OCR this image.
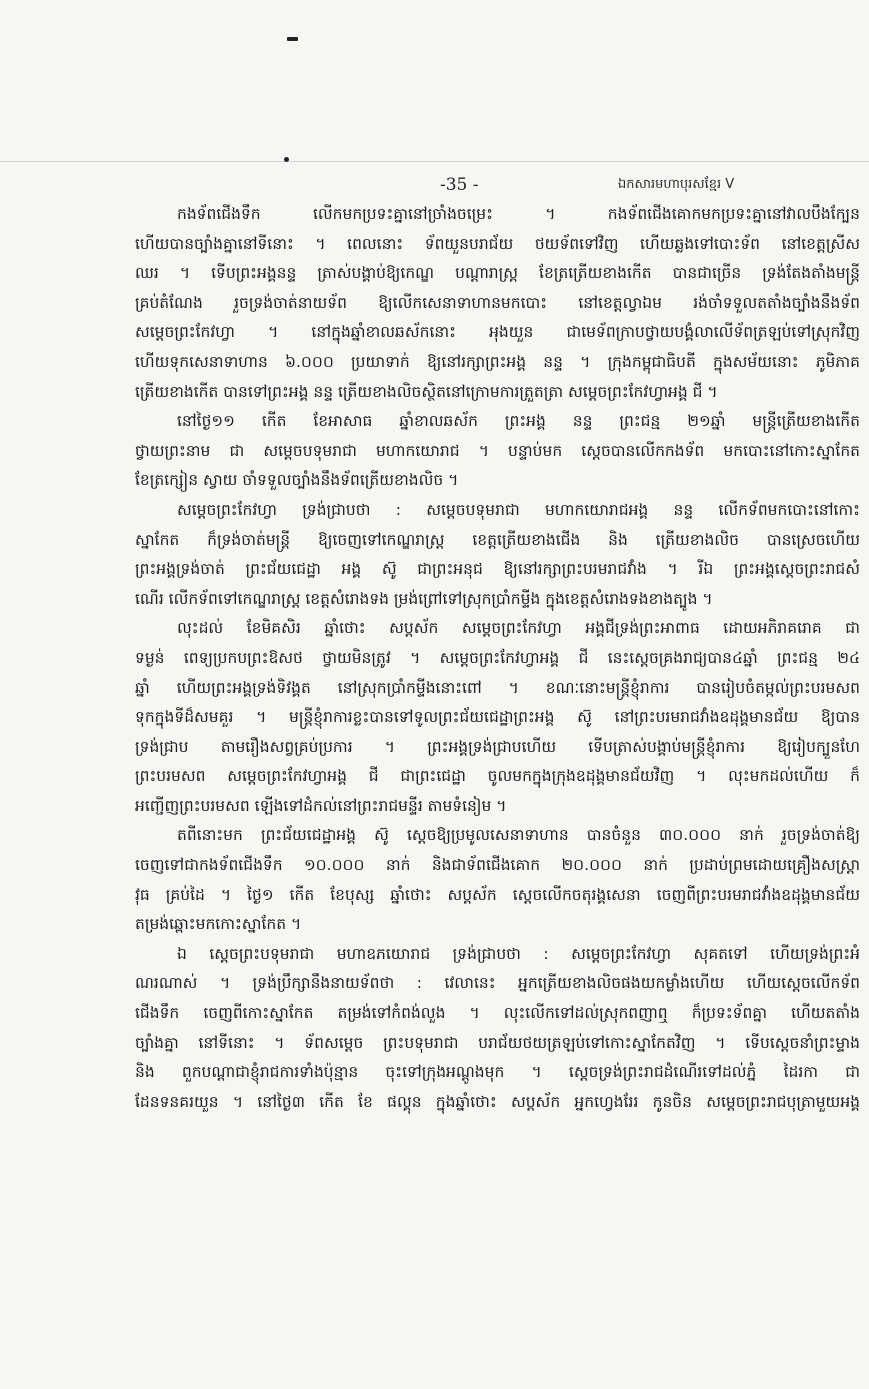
-35 -	ឯកសារមហាបុរសខ្មែរ V
កងទ័ពជើងទឹក លើកមកប្រទះគ្នានៅច្រាំងចម្រេះ ។ កងទ័ពជើងគោកមកប្រទះគ្នានៅវាលបឹងក្បែន
ហើយបានច្បាំងគ្នានៅទីនោះ ។ ពេលនោះ ទ័ពយួនបរាជ័យ ថយទ័ពទៅវិញ ហើយឆ្លងទៅបោះទ័ព នៅខេត្តស្រីស
ឈរ ។ ទើបព្រះអង្គនន្ទ ត្រាស់បង្គាប់ឱ្យកេណ្ឌ បណ្ដារាស្ត្រ ខែត្រត្រើយខាងកើត បានជាច្រើន ទ្រង់តែងតាំងមន្ត្រី
គ្រប់តំណែង រួចទ្រង់ចាត់នាយទ័ព ឱ្យលើកសេនាទាហានមកបោះ នៅខេត្តល្វាឯម រង់ចាំទទួលតតាំងច្បាំងនឹងទ័ព
សម្ដេចព្រះកែវហ្វា ។ នៅក្នុងឆ្នាំខាលឆស័កនោះ អុងយួន ជាមេទ័ពក្រាបថ្វាយបង្គំលាលើទ័ពត្រឡប់ទៅស្រុកវិញ
ហើយទុកសេនាទាហាន ៦.០០០ ប្រយាទាក់ ឱ្យនៅរក្សាព្រះអង្គ នន្ទ ។ ក្រុងកម្ពុជាធិបតី ក្នុងសម័យនោះ ភូមិភាគ
ត្រើយខាងកើត បានទៅព្រះអង្គ នន្ទ ត្រើយខាងលិចស្ថិតនៅក្រោមការត្រួតត្រា សម្ដេចព្រះកែវហ្វាអង្គ ជី ។
នៅថ្ងៃ១១ កើត ខែអាសាធ ឆ្នាំខាលឆស័ក ព្រះអង្គ នន្ទ ព្រះជន្ម ២១ឆ្នាំ មន្ត្រីត្រើយខាងកើត
ថ្វាយព្រះនាម ជា សម្ដេចបទុមរាជា មហាកយោរាជ ។ បន្ទាប់មក ស្ដេចបានលើកកងទ័ព មកបោះនៅកោះស្នាកែត
ខែត្រក្សៀន ស្វាយ ចាំទទួលច្បាំងនឹងទ័ពត្រើយខាងលិច ។
សម្ដេចព្រះកែវហ្វា ទ្រង់ជ្រាបថា : សម្ដេចបទុមរាជា មហាកយោរាជអង្គ នន្ទ លើកទ័ពមកបោះនៅកោះ
ស្នាកែត ក៏ទ្រង់ចាត់មន្ត្រី ឱ្យចេញទៅកេណ្ឌរាស្ត្រ ខេត្តត្រើយខាងជើង និង ត្រើយខាងលិច បានស្រេចហើយ
ព្រះអង្គទ្រង់ចាត់ ព្រះជ័យជេដ្ឋា អង្គ ស៊ូ ជាព្រះអនុជ ឱ្យនៅរក្សាព្រះបរមរាជវាំង ។ រីឯ ព្រះអង្គស្ដេចព្រះរាជសំ
ណើរ លើកទ័ពទៅកេណ្ឌរាស្ត្រ ខេត្តសំរោងទង ម្រង់ព្រៅទៅស្រុកប្រាំកម្ទីង ក្នុងខេត្តសំរោងទងខាងត្បូង ។
លុះដល់ ខែមិគសិរ ឆ្នាំថោះ សប្ដស័ក សម្ដេចព្រះកែវហ្វា អង្គជីទ្រង់ព្រះអាពាធ ដោយអភិរាគរោគ ជា
ទម្ងន់ ពេទ្យប្រកបព្រះឱសថ ថ្វាយមិនត្រូវ ។ សម្ដេចព្រះកែវហ្វាអង្គ ជី នេះស្ដេចគ្រងរាជ្យបាន៤ឆ្នាំ ព្រះជន្ម ២៤
ឆ្នាំ ហើយព្រះអង្គទ្រង់ទិវង្គត នៅស្រុកប្រាំកម្ទីងនោះពៅ ។ ខណៈនោះមន្ត្រីខ្ញុំរាការ បានរៀបចំតម្កល់ព្រះបរមសព
ទុកក្នុងទីដ៏សមគួរ ។ មន្ត្រីខ្ញុំរាការខ្លះបានទៅទូលព្រះជ័យជេដ្ឋាព្រះអង្គ ស៊ូ នៅព្រះបរមរាជវាំងឧដុង្គមានជ័យ ឱ្យបាន
ទ្រង់ជ្រាប តាមរឿងសព្វគ្រប់ប្រការ ។ ព្រះអង្គទ្រង់ជ្រាបហើយ ទើបត្រាស់បង្គាប់មន្ត្រីខ្ញុំរាការ ឱ្យរៀបក្បួនហែ
ព្រះបរមសព សម្ដេចព្រះកែវហ្វាអង្គ ជី ជាព្រះជេដ្ឋា ចូលមកក្នុងក្រុងឧដុង្គមានជ័យវិញ ។ លុះមកដល់ហើយ ក៏
អញ្ជើញព្រះបរមសព ឡើងទៅដំកល់នៅព្រះរាជមន្ទីរ តាមទំនៀម ។
តពីនោះមក ព្រះជ័យជេដ្ឋាអង្គ ស៊ូ ស្ដេចឱ្យប្រមូលសេនាទាហាន បានចំនួន ៣០.០០០ នាក់ រួចទ្រង់ចាត់ឱ្យ
ចេញទៅជាកងទ័ពជើងទឹក ១០.០០០ នាក់ និងជាទ័ពជើងគោក ២០.០០០ នាក់ ប្រដាប់ព្រមដោយគ្រឿងសស្ត្រា
វុធ គ្រប់ដៃ ។ ថ្ងៃ១ កើត ខែបុស្ស ឆ្នាំថោះ សប្ដស័ក ស្ដេចលើកចតុរង្គសេនា ចេញពីព្រះបរមរាជវាំងឧដុង្គមានជ័យ
តម្រង់ឆ្ពោះមកកោះស្នាកែត ។
ឯ ស្ដេចព្រះបទុមរាជា មហាឧភយោរាជ ទ្រង់ជ្រាបថា : សម្ដេចព្រះកែវហ្វា សុគតទៅ ហើយទ្រង់ព្រះអំ
ណរណាស់ ។ ទ្រង់ប្រឹក្សានឹងនាយទ័ពថា : វេលានេះ អ្នកត្រើយខាងលិចផងយកម្លាំងហើយ ហើយស្ដេចលើកទ័ព
ជើងទឹក ចេញពីកោះស្នាកែត តម្រង់ទៅកំពង់លួង ។ លុះលើកទៅដល់ស្រុកពញាឮ ក៏ប្រទះទ័ពគ្នា ហើយតតាំង
ច្បាំងគ្នា នៅទីនោះ ។ ទ័ពសម្ដេច ព្រះបទុមរាជា បរាជ័យថយត្រឡប់ទៅកោះស្នាកែតវិញ ។ ទើបស្ដេចនាំព្រះម្ទាង
និង ពួកបណ្ដាជាខ្ញុំរាជការទាំងប៉ុន្មាន ចុះទៅក្រុងអណ្ដូងមុក ។ ស្ដេចទ្រង់ព្រះរាជដំណើរទៅដល់ភ្នំ ដៃរកា ជា
ដែនទនគរយួន ។ នៅថ្ងៃ៣ កើត ខែ ផល្គុន ក្នុងឆ្នាំថោះ សប្ដស័ក អ្នកហ្វេងរែរ កូនចិន សម្ដេចព្រះរាជបុត្រាមួយអង្គ
